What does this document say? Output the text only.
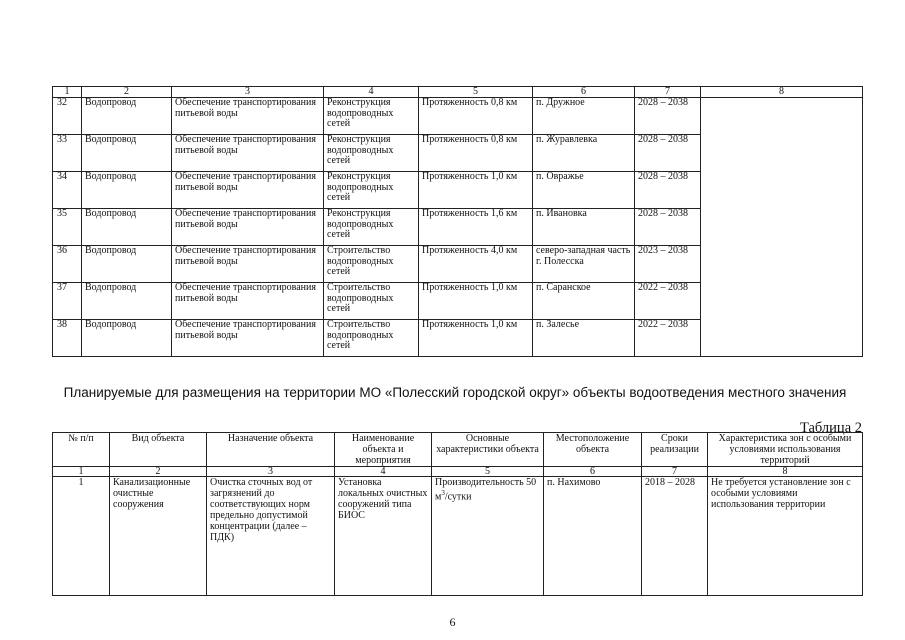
1	2	3	4	5	6	7	8
32	Водопровод	Обеспечение транспортирования питьевой воды	Реконструкция водопроводных сетей	Протяженность 0,8 км	п. Дружное	2028 – 2038	
33	Водопровод	Обеспечение транспортирования питьевой воды	Реконструкция водопроводных сетей	Протяженность 0,8 км	п. Журавлевка	2028 – 2038	
34	Водопровод	Обеспечение транспортирования питьевой воды	Реконструкция водопроводных сетей	Протяженность 1,0 км	п. Овражье	2028 – 2038	
35	Водопровод	Обеспечение транспортирования питьевой воды	Реконструкция водопроводных сетей	Протяженность 1,6 км	п. Ивановка	2028 – 2038	
36	Водопровод	Обеспечение транспортирования питьевой воды	Строительство водопроводных сетей	Протяженность 4,0 км	северо-западная часть г. Полесска	2023 – 2038	
37	Водопровод	Обеспечение транспортирования питьевой воды	Строительство водопроводных сетей	Протяженность 1,0 км	п. Саранское	2022 – 2038	
38	Водопровод	Обеспечение транспортирования питьевой воды	Строительство водопроводных сетей	Протяженность 1,0 км	п. Залесье	2022 – 2038	
Планируемые для размещения на территории МО «Полесский городской округ» объекты водоотведения местного значения
Таблица 2
№ п/п	Вид объекта	Назначение объекта	Наименование объекта и мероприятия	Основные характеристики объекта	Местоположение объекта	Сроки реализации	Характеристика зон с особыми условиями использования территорий
1	2	3	4	5	6	7	8
1	Канализационные очистные сооружения	Очистка сточных вод от загрязнений до соответствующих норм предельно допустимой концентрации (далее – ПДК)	Установка локальных очистных сооружений типа БИОС	Производительность 50 $м^3$/сутки	п. Нахимово	2018 – 2028	Не требуется установление зон с особыми условиями использования территории
6
